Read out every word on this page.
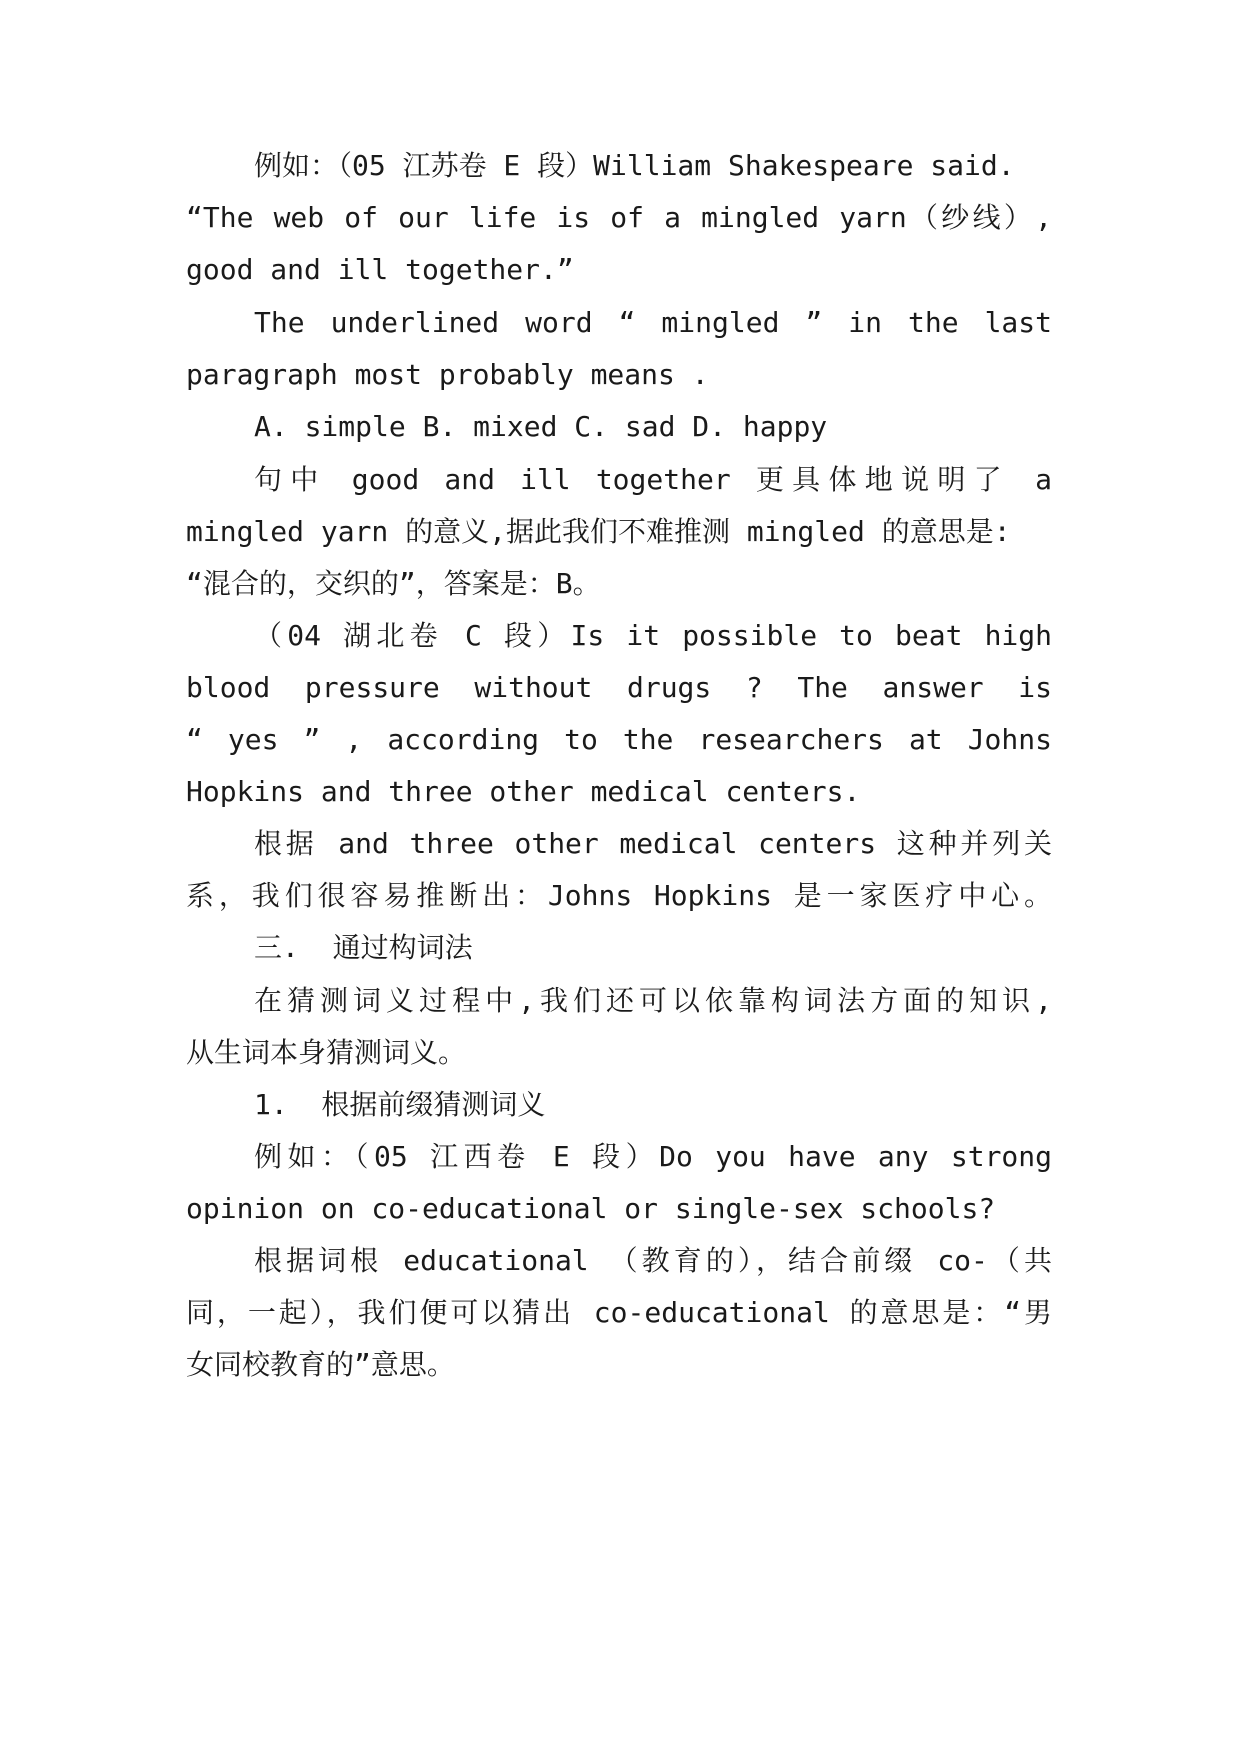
例如：（05 江苏卷 E 段）William Shakespeare said.
“The web of our life is of a mingled yarn（纱线）,
good and ill together.”
The underlined word “ mingled ” in the last
paragraph most probably means .
A. simple B. mixed C. sad D. happy
句中 good and ill together 更具体地说明了 a
mingled yarn 的意义,据此我们不难推测 mingled 的意思是:
“混合的，交织的”，答案是：B。
（04 湖北卷 C 段）Is it possible to beat high
blood pressure without drugs ? The answer is
“ yes ” , according to the researchers at Johns
Hopkins and three other medical centers.
根据 and three other medical centers 这种并列关
系，我们很容易推断出：Johns Hopkins 是一家医疗中心。
三.  通过构词法
在猜测词义过程中,我们还可以依靠构词法方面的知识,
从生词本身猜测词义。
1.  根据前缀猜测词义
例如：（05 江西卷 E 段）Do you have any strong
opinion on co-educational or single-sex schools?
根据词根 educational （教育的），结合前缀 co-（共
同，一起），我们便可以猜出 co-educational 的意思是：“男
女同校教育的”意思。
